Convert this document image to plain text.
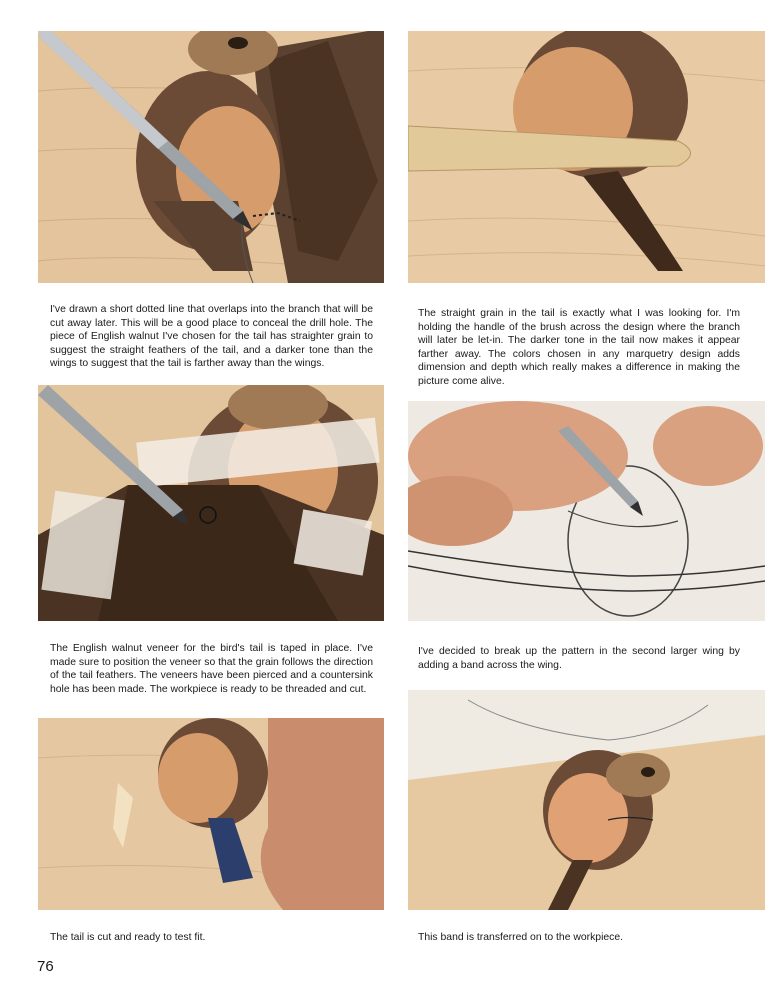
I've drawn a short dotted line that overlaps into the branch that will be cut away later. This will be a good place to conceal the drill hole. The piece of English walnut I've chosen for the tail has straighter grain to suggest the straight feathers of the tail, and a darker tone than the wings to suggest that the tail is farther away than the wings.

The straight grain in the tail is exactly what I was looking for. I'm holding the handle of the brush across the design where the branch will later be let-in. The darker tone in the tail now makes it appear farther away. The colors chosen in any marquetry design adds dimension and depth which really makes a difference in making the picture come alive.

The English walnut veneer for the bird's tail is taped in place. I've made sure to position the veneer so that the grain follows the direction of the tail feathers. The veneers have been pierced and a countersink hole has been made. The workpiece is ready to be threaded and cut.

I've decided to break up the pattern in the second larger wing by adding a band across the wing.

The tail is cut and ready to test fit.	This band is transferred on to the workpiece.

76
